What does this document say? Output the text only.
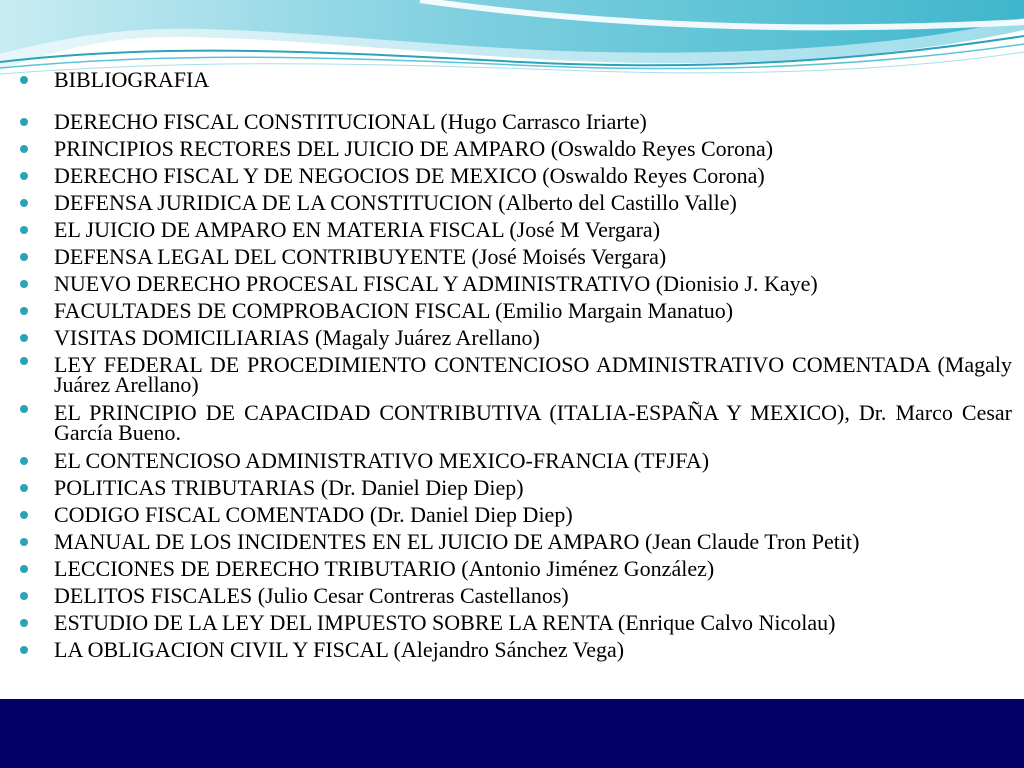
BIBLIOGRAFIA
DERECHO FISCAL CONSTITUCIONAL (Hugo Carrasco Iriarte)
PRINCIPIOS RECTORES DEL JUICIO DE AMPARO (Oswaldo Reyes Corona)
DERECHO FISCAL Y DE NEGOCIOS DE MEXICO (Oswaldo Reyes Corona)
DEFENSA JURIDICA DE LA CONSTITUCION (Alberto del Castillo Valle)
EL JUICIO DE AMPARO EN MATERIA FISCAL (José M Vergara)
DEFENSA LEGAL DEL CONTRIBUYENTE (José Moisés Vergara)
NUEVO DERECHO PROCESAL FISCAL Y ADMINISTRATIVO (Dionisio J. Kaye)
FACULTADES DE COMPROBACION FISCAL (Emilio Margain Manatuo)
VISITAS DOMICILIARIAS (Magaly Juárez Arellano)
LEY FEDERAL DE PROCEDIMIENTO CONTENCIOSO ADMINISTRATIVO COMENTADA (Magaly Juárez Arellano)
EL PRINCIPIO DE CAPACIDAD CONTRIBUTIVA (ITALIA-ESPAÑA Y MEXICO), Dr. Marco Cesar García Bueno.
EL CONTENCIOSO ADMINISTRATIVO MEXICO-FRANCIA (TFJFA)
POLITICAS TRIBUTARIAS (Dr. Daniel Diep Diep)
CODIGO FISCAL COMENTADO (Dr. Daniel Diep Diep)
MANUAL DE LOS INCIDENTES EN EL JUICIO DE AMPARO (Jean Claude Tron Petit)
LECCIONES DE DERECHO TRIBUTARIO (Antonio Jiménez González)
DELITOS FISCALES (Julio Cesar Contreras Castellanos)
ESTUDIO DE LA LEY DEL IMPUESTO SOBRE LA RENTA (Enrique Calvo Nicolau)
LA OBLIGACION CIVIL Y FISCAL (Alejandro Sánchez Vega)
